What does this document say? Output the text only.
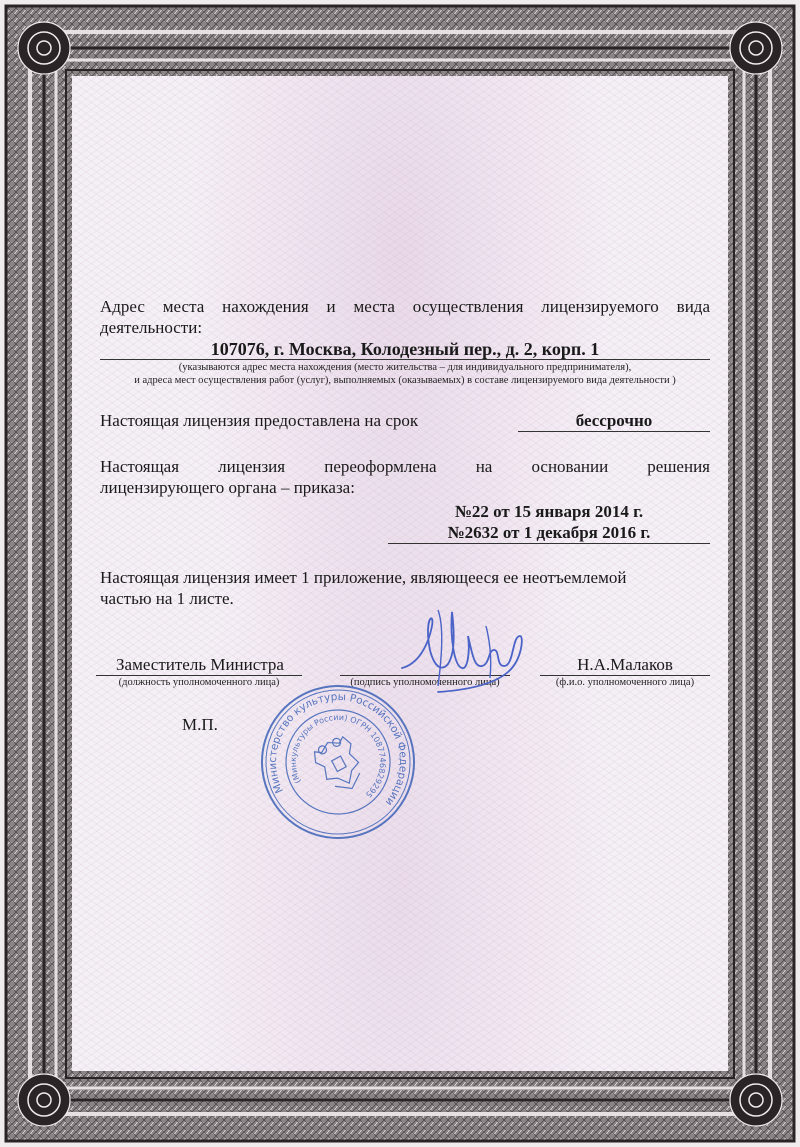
Адрес места нахождения и места осуществления лицензируемого вида
деятельности:
107076, г. Москва, Колодезный пер., д. 2, корп. 1
(указываются адрес места нахождения (место жительства – для индивидуального предпринимателя),
и адреса мест осуществления работ (услуг), выполняемых (оказываемых) в составе лицензируемого вида деятельности )
Настоящая лицензия предоставлена на срок	бессрочно
Настоящая лицензия переоформлена на основании решения
лицензирующего органа – приказа:
№22 от 15 января 2014 г.
№2632 от 1 декабря 2016 г.
Настоящая лицензия имеет 1 приложение, являющееся ее неотъемлемой
частью на 1 листе.
Заместитель Министра
(должность уполномоченного лица)	(подпись уполномоченного лица)
Н.А.Малаков
(ф.и.о. уполномоченного лица)
М.П.
Министерство культуры Российской Федерации
(Минкультуры России) ОГРН 1087746829295
